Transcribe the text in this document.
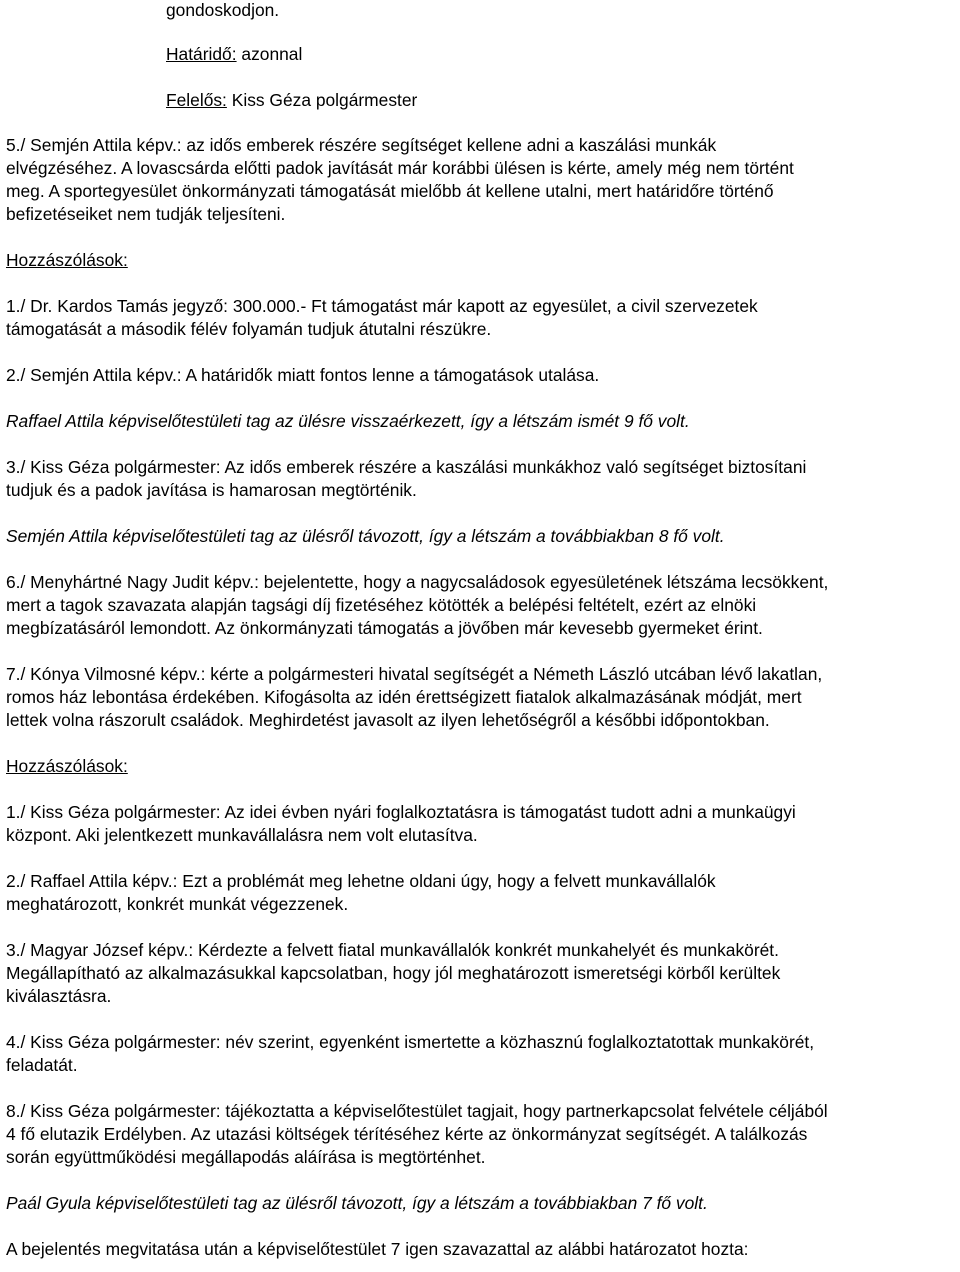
gondoskodjon.
Határidő: azonnal
Felelős: Kiss Géza polgármester
5./ Semjén Attila képv.: az idős emberek részére segítséget kellene adni a kaszálási munkák
elvégzéséhez. A lovascsárda előtti padok javítását már korábbi ülésen is kérte, amely még nem történt
meg. A sportegyesület önkormányzati támogatását mielőbb át kellene utalni, mert határidőre történő
befizetéseiket nem tudják teljesíteni.
Hozzászólások:
1./ Dr. Kardos Tamás jegyző: 300.000.- Ft támogatást már kapott az egyesület, a civil szervezetek
támogatását a második félév folyamán tudjuk átutalni részükre.
2./ Semjén Attila képv.: A határidők miatt fontos lenne a támogatások utalása.
Raffael Attila képviselőtestületi tag az ülésre visszaérkezett, így a létszám ismét 9 fő volt.
3./ Kiss Géza polgármester: Az idős emberek részére a kaszálási munkákhoz való segítséget biztosítani
tudjuk és a padok javítása is hamarosan megtörténik.
Semjén Attila képviselőtestületi tag az ülésről távozott, így a létszám a továbbiakban 8 fő volt.
6./ Menyhártné Nagy Judit képv.: bejelentette, hogy a nagycsaládosok egyesületének létszáma lecsökkent,
mert a tagok szavazata alapján tagsági díj fizetéséhez kötötték a belépési feltételt, ezért az elnöki
megbízatásáról lemondott. Az önkormányzati támogatás a jövőben már kevesebb gyermeket érint.
7./ Kónya Vilmosné képv.: kérte a polgármesteri hivatal segítségét a Németh László utcában lévő lakatlan,
romos ház lebontása érdekében. Kifogásolta az idén érettségizett fiatalok alkalmazásának módját, mert
lettek volna rászorult családok. Meghirdetést javasolt az ilyen lehetőségről a későbbi időpontokban.
Hozzászólások:
1./ Kiss Géza polgármester: Az idei évben nyári foglalkoztatásra is támogatást tudott adni a munkaügyi
központ. Aki jelentkezett munkavállalásra nem volt elutasítva.
2./ Raffael Attila képv.: Ezt a problémát meg lehetne oldani úgy, hogy a felvett munkavállalók
meghatározott, konkrét munkát végezzenek.
3./ Magyar József képv.: Kérdezte a felvett fiatal munkavállalók konkrét munkahelyét és munkakörét.
Megállapítható az alkalmazásukkal kapcsolatban, hogy jól meghatározott ismeretségi körből kerültek
kiválasztásra.
4./ Kiss Géza polgármester: név szerint, egyenként ismertette a közhasznú foglalkoztatottak munkakörét,
feladatát.
8./ Kiss Géza polgármester: tájékoztatta a képviselőtestület tagjait, hogy partnerkapcsolat felvétele céljából
4 fő elutazik Erdélyben. Az utazási költségek térítéséhez kérte az önkormányzat segítségét. A találkozás
során együttműködési megállapodás aláírása is megtörténhet.
Paál Gyula képviselőtestületi tag az ülésről távozott, így a létszám a továbbiakban 7 fő volt.
A bejelentés megvitatása után a képviselőtestület 7 igen szavazattal az alábbi határozatot hozta:
